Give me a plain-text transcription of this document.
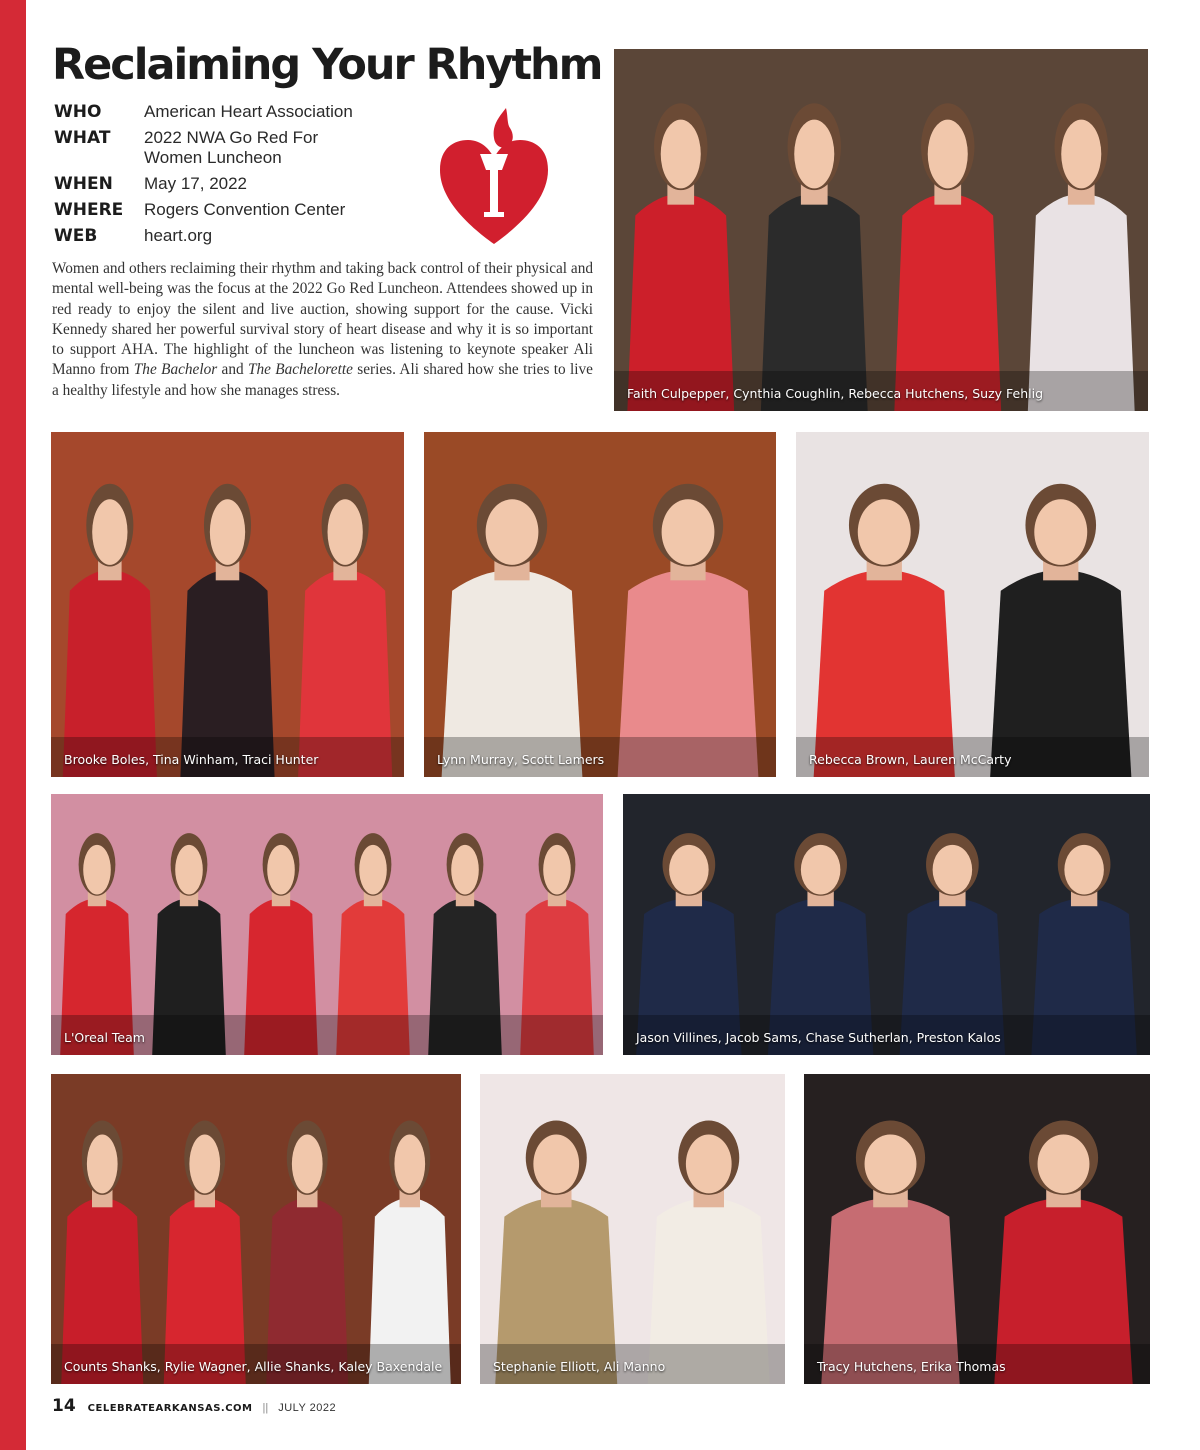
Reclaiming Your Rhythm
WHO	American Heart Association
WHAT	2022 NWA Go Red For
Women Luncheon
WHEN	May 17, 2022
WHERE	Rogers Convention Center
WEB	heart.org

Women and others reclaiming their rhythm and taking back control of their physical and mental well-being was the focus at the 2022 Go Red Luncheon. Attendees showed up in red ready to enjoy the silent and live auction, showing support for the cause. Vicki Kennedy shared her powerful survival story of heart disease and why it is so important to support AHA. The highlight of the luncheon was listening to keynote speaker Ali Manno from The Bachelor and The Bachelorette series. Ali shared how she tries to live a healthy lifestyle and how she manages stress.	Faith Culpepper, Cynthia Coughlin, Rebecca Hutchens, Suzy Fehlig
Brooke Boles, Tina Winham, Traci Hunter	Lynn Murray, Scott Lamers	Rebecca Brown, Lauren McCarty
L'Oreal Team	Jason Villines, Jacob Sams, Chase Sutherlan, Preston Kalos
Counts Shanks, Rylie Wagner, Allie Shanks, Kaley Baxendale	Stephanie Elliott, Ali Manno	Tracy Hutchens, Erika Thomas
14 CELEBRATEARKANSAS.COM || JULY 2022
